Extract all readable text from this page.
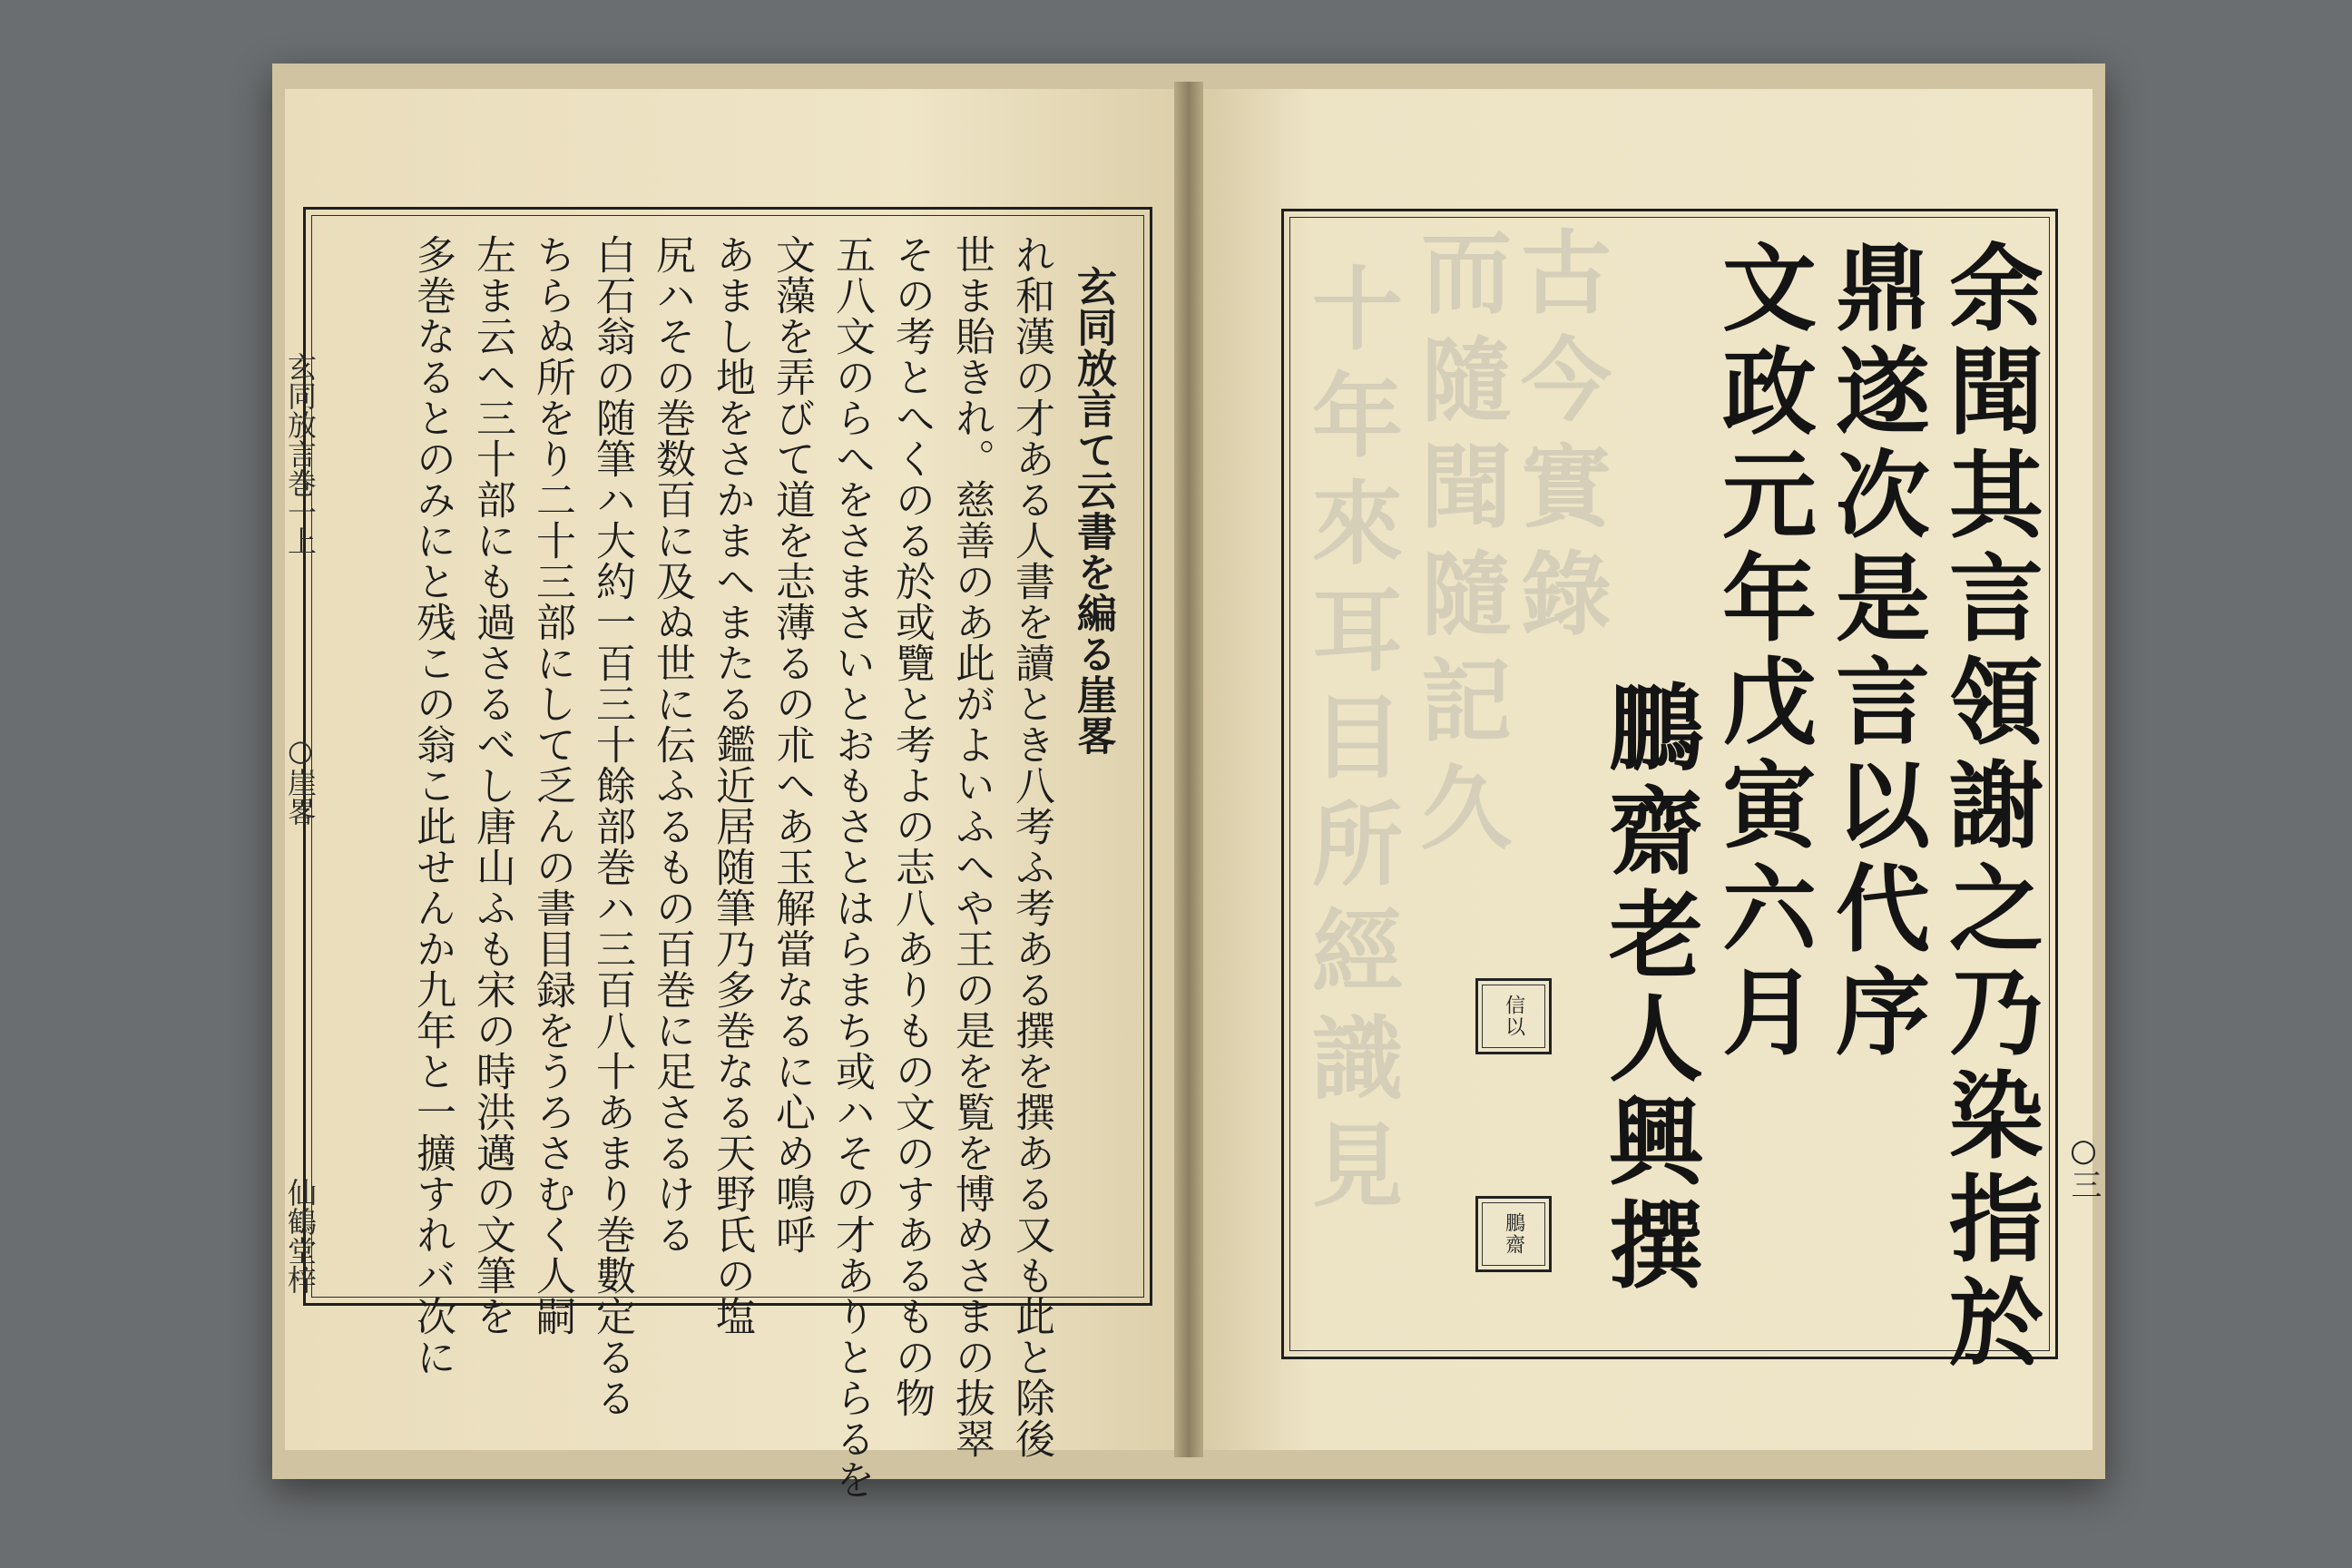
玄同放言て云書を編る崖畧
れ和漢の才ある人書を讀とき八考ふ考ある撰を撰ある又も此と除後
世ま貽きれ。慈善のあ此がよいふへや王の是を覧を博めさまの抜翠
その考とへくのる於或覽と考よの志八ありもの文のすあるもの物
五八文のらへをさまさいとおもさとはらまち或ハその才ありとらるを
文藻を弄びて道を志薄るの朮へあ玉解當なるに心め鳴呼
あまし地をさかまへまたる鑑近居随筆乃多巻なる天野氏の塩
尻ハその巻数百に及ぬ世に伝ふるもの百巻に足さるける
白石翁の随筆ハ大約一百三十餘部巻ハ三百八十あまり巻數定るる
ちらぬ所をり二十三部にして乏んの書目録をうろさむく人嗣
左ま云へ三十部にも過さるべし唐山ふも宋の時洪邁の文筆を
多巻なるとのみにと残この翁こ此せんか九年と一擴すれバ次に
玄同放言巻一上
○崖畧
仙鶴堂梓
十年來耳目所經識見 而隨聞隨記久
古今實錄	余聞其言領謝之乃染指於
鼎遂次是言以代序
文政元年戊寅六月
鵬齋老人興撰
信以
鵬齋
○三
